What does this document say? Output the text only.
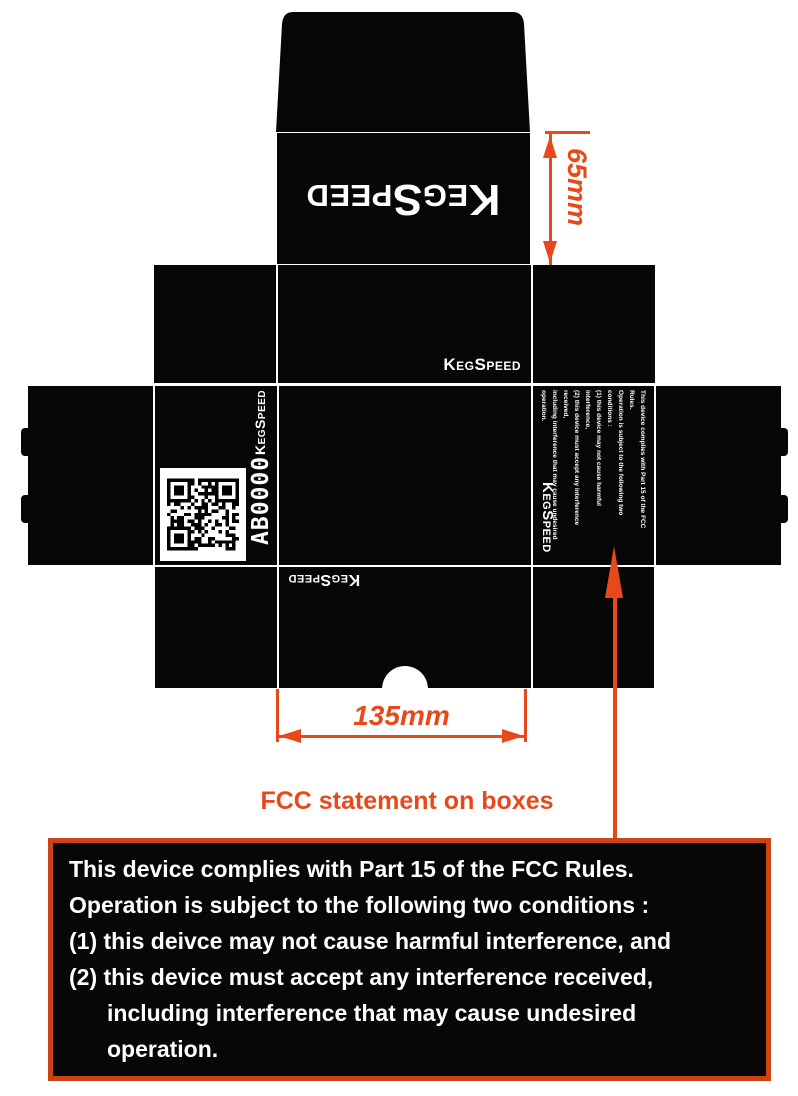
KegSpeed
KegSpeed
KegSpeed
AB0000	KegSpeed	This device complies with Part 15 of the FCC Rules.
Operation is subject to the following two conditions :
(1) this device may not cause harmful interference,
(2) this device must accept any interference received,
including interference that may cause undesired
operation.
KegSpeed
65mm
135mm
FCC statement on boxes
This device complies with Part 15 of the FCC Rules.
Operation is subject to the following two conditions :
(1) this deivce may not cause harmful interference, and
(2) this device must accept any interference received,
including interference that may cause undesired
operation.
